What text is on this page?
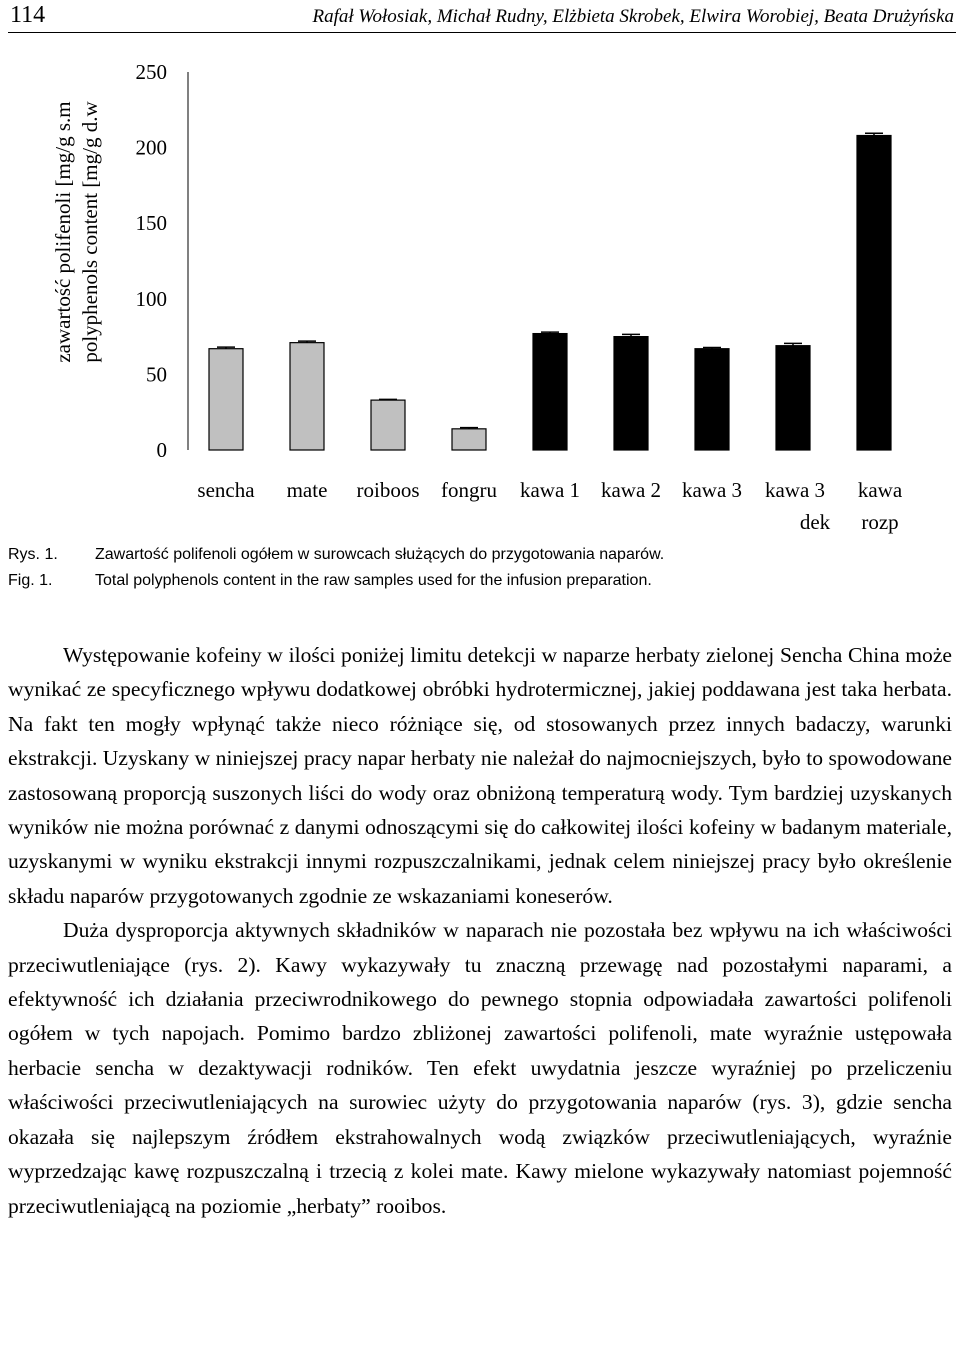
114	Rafał Wołosiak, Michał Rudny, Elżbieta Skrobek, Elwira Worobiej, Beata Drużyńska
zawartość polifenoli [mg/g s.m polyphenols content [mg/g d.w
0
50
100
150
200
250
sencha mate roiboos fongru kawa 1 kawa 2 kawa 3 kawa 3 dek
kawa rozp
Rys. 1. Zawartość polifenoli ogółem w surowcach służących do przygotowania naparów.
Fig. 1.	Total polyphenols content in the raw samples used for the infusion preparation.

Występowanie kofeiny w ilości poniżej limitu detekcji w naparze herbaty zielonej Sencha China może wynikać ze specyficznego wpływu dodatkowej obróbki hydrotermicznej, jakiej poddawana jest taka herbata. Na fakt ten mogły wpłynąć także nieco różniące się, od stosowanych przez innych badaczy, warunki ekstrakcji. Uzyskany w niniejszej pracy napar herbaty nie należał do najmocniejszych, było to spowodowane zastosowaną proporcją suszonych liści do wody oraz obniżoną temperaturą wody. Tym bardziej uzyskanych wyników nie można porównać z danymi odnoszącymi się do całkowitej ilości kofeiny w badanym materiale, uzyskanymi w wyniku ekstrakcji innymi rozpuszczalnikami, jednak celem niniejszej pracy było określenie składu naparów przygotowanych zgodnie ze wskazaniami koneserów.

Duża dysproporcja aktywnych składników w naparach nie pozostała bez wpływu na ich właściwości przeciwutleniające (rys. 2). Kawy wykazywały tu znaczną przewagę nad pozostałymi naparami, a efektywność ich działania przeciwrodnikowego do pewnego stopnia odpowiadała zawartości polifenoli ogółem w tych napojach. Pomimo bardzo zbliżonej zawartości polifenoli, mate wyraźnie ustępowała herbacie sencha w dezaktywacji rodników. Ten efekt uwydatnia jeszcze wyraźniej po przeliczeniu właściwości przeciwutleniających na surowiec użyty do przygotowania naparów (rys. 3), gdzie sencha okazała się najlepszym źródłem ekstrahowalnych wodą związków przeciwutleniających, wyraźnie wyprzedzając kawę rozpuszczalną i trzecią z kolei mate. Kawy mielone wykazywały natomiast pojemność przeciwutleniającą na poziomie „herbaty” rooibos.
